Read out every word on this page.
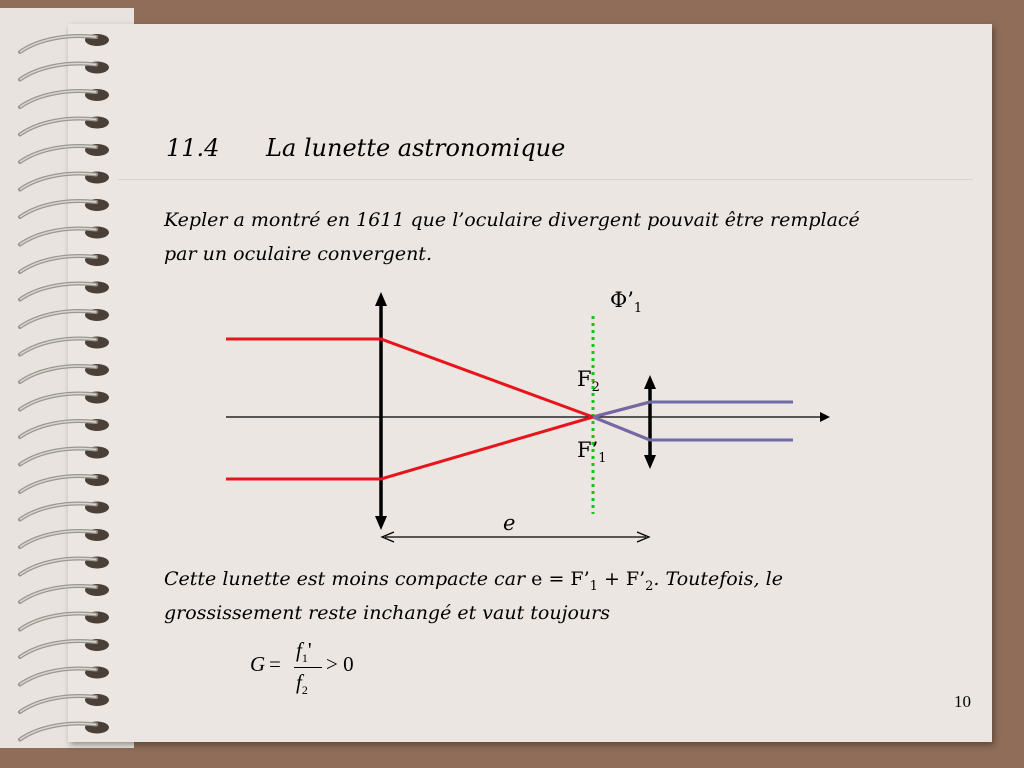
11.4 La lunette astronomique
Kepler a montré en 1611 que l’oculaire divergent pouvait être remplacé
par un oculaire convergent.
$\Phi’_1$
$F_2$
$F’_1$
e
Cette lunette est moins compacte car $e = F’_1$ + $F’_2$. Toutefois, le
grossissement reste inchangé et vaut toujours
G =
$f_1'$
$f_2$
> 0
10
